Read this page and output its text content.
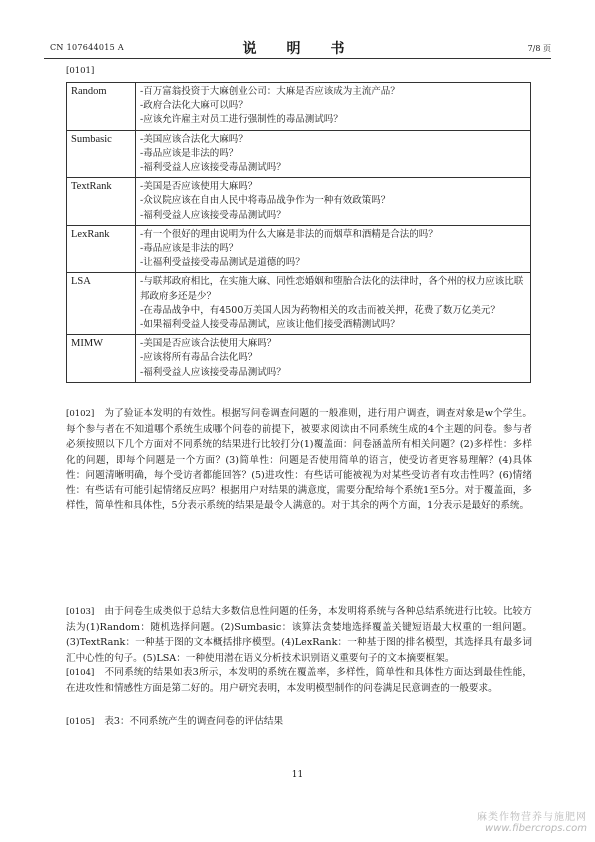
CN 107644015 A	说　明　书	7/8 页
[0101]
Random	-百万富翁投资于大麻创业公司：大麻是否应该成为主流产品？
-政府合法化大麻可以吗？
-应该允许雇主对员工进行强制性的毒品测试吗？

Sumbasic	-美国应该合法化大麻吗？
-毒品应该是非法的吗？
-福利受益人应该接受毒品测试吗？

TextRank	-美国是否应该使用大麻吗？
-众议院应该在自由人民中将毒品战争作为一种有效政策吗？
-福利受益人应该接受毒品测试吗？

LexRank	-有一个很好的理由说明为什么大麻是非法的而烟草和酒精是合法的吗？
-毒品应该是非法的吗？
-让福利受益接受毒品测试是道德的吗？

LSA	-与联邦政府相比，在实施大麻、同性恋婚姻和堕胎合法化的法律时，各个州的权力应该比联邦政府多还是少？
-在毒品战争中，有4500万美国人因为药物相关的攻击而被关押，花费了数万亿美元？
-如果福利受益人接受毒品测试，应该让他们接受酒精测试吗？

MIMW	-美国是否应该合法使用大麻吗？
-应该将所有毒品合法化吗？
-福利受益人应该接受毒品测试吗？
[0102] 为了验证本发明的有效性。根据写问卷调查问题的一般准则，进行用户调查，调查对象是w个学生。每个参与者在不知道哪个系统生成哪个问卷的前提下，被要求阅读由不同系统生成的4个主题的问卷。参与者必须按照以下几个方面对不同系统的结果进行比较打分(1)覆盖面：问卷涵盖所有相关问题？(2)多样性：多样化的问题，即每个问题是一个方面？(3)简单性：问题是否使用简单的语言，使受访者更容易理解？(4)具体性：问题清晰明确，每个受访者都能回答？(5)进攻性：有些话可能被视为对某些受访者有攻击性吗？(6)情绪性：有些话有可能引起情绪反应吗？根据用户对结果的满意度，需要分配给每个系统1至5分。对于覆盖面，多样性，简单性和具体性，5分表示系统的结果是最令人满意的。对于其余的两个方面，1分表示是最好的系统。
[0103] 由于问卷生成类似于总结大多数信息性问题的任务，本发明将系统与各种总结系统进行比较。比较方法为(1)Random：随机选择问题。(2)Sumbasic：该算法贪婪地选择覆盖关键短语最大权重的一组问题。(3)TextRank：一种基于图的文本概括排序模型。(4)LexRank：一种基于图的排名模型，其选择具有最多词汇中心性的句子。(5)LSA：一种使用潜在语义分析技术识别语义重要句子的文本摘要框架。
[0104] 不同系统的结果如表3所示，本发明的系统在覆盖率，多样性，简单性和具体性方面达到最佳性能，在进攻性和情感性方面是第二好的。用户研究表明，本发明模型制作的问卷满足民意调查的一般要求。
[0105] 表3：不同系统产生的调查问卷的评估结果
11
麻类作物营养与施肥网
www.fibercrops.com
